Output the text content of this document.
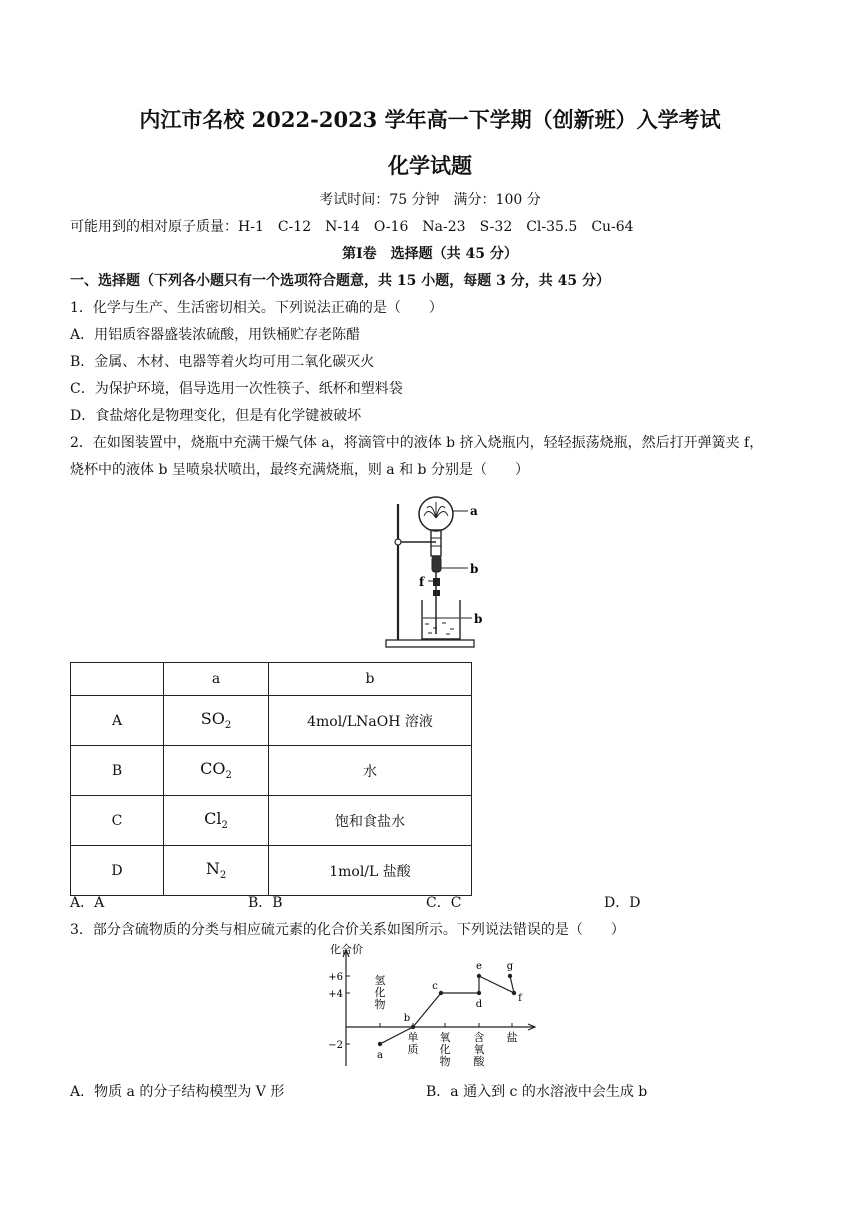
内江市名校 2022-2023 学年高一下学期（创新班）入学考试
化学试题
考试时间：75 分钟　满分：100 分
可能用到的相对原子质量：H-1　C-12　N-14　O-16　Na-23　S-32　Cl-35.5　Cu-64
第Ⅰ卷　选择题（共 45 分）
一、选择题（下列各小题只有一个选项符合题意，共 15 小题，每题 3 分，共 45 分）
1．化学与生产、生活密切相关。下列说法正确的是（　　）
A．用铝质容器盛装浓硫酸，用铁桶贮存老陈醋
B．金属、木材、电器等着火均可用二氧化碳灭火
C．为保护环境，倡导选用一次性筷子、纸杯和塑料袋
D．食盐熔化是物理变化，但是有化学键被破坏
2．在如图装置中，烧瓶中充满干燥气体 a，将滴管中的液体 b 挤入烧瓶内，轻轻振荡烧瓶，然后打开弹簧夹 f，
烧杯中的液体 b 呈喷泉状喷出，最终充满烧瓶，则 a 和 b 分别是（　　）
a
b
f
b
	a	b
A	$SO_2$	4mol/LNaOH 溶液
B	$CO_2$	水
C	$Cl_2$	饱和食盐水
D	$N_2$	1mol/L 盐酸
A．A	B．B	C．C	D．D
3．部分含硫物质的分类与相应硫元素的化合价关系如图所示。下列说法错误的是（　　）
化合价
+6
+4
−2
氢
化
物
单
质
氧
化
物
含
氧
酸
盐
a
b
c
d
e
f
g
A．物质 a 的分子结构模型为 V 形	B．a 通入到 c 的水溶液中会生成 b
